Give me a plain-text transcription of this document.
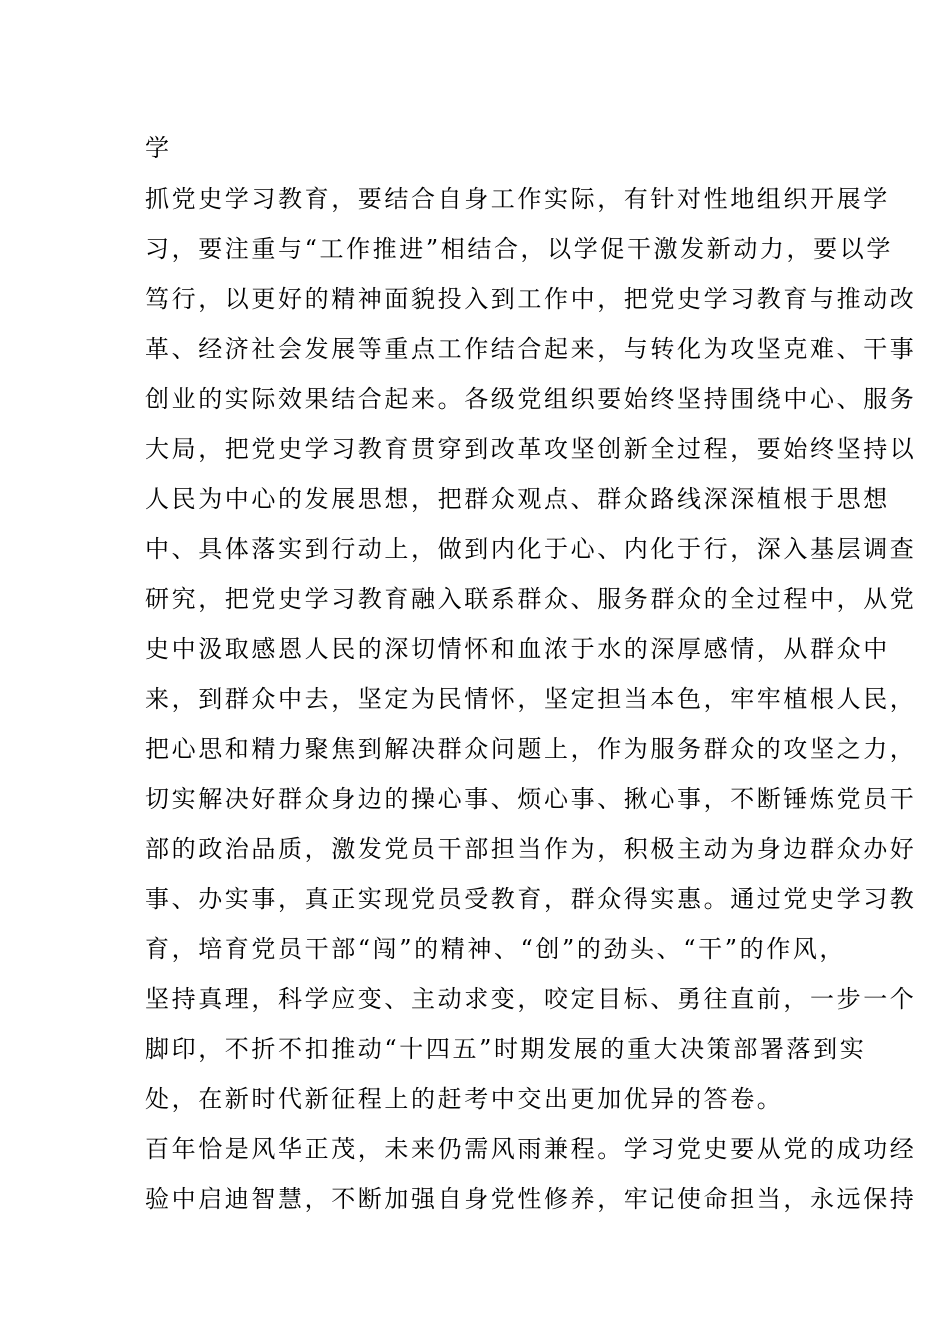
学
抓党史学习教育，要结合自身工作实际，有针对性地组织开展学
习，要注重与“工作推进”相结合，以学促干激发新动力，要以学
笃行，以更好的精神面貌投入到工作中，把党史学习教育与推动改
革、经济社会发展等重点工作结合起来，与转化为攻坚克难、干事
创业的实际效果结合起来。各级党组织要始终坚持围绕中心、服务
大局，把党史学习教育贯穿到改革攻坚创新全过程，要始终坚持以
人民为中心的发展思想，把群众观点、群众路线深深植根于思想
中、具体落实到行动上，做到内化于心、内化于行，深入基层调查
研究，把党史学习教育融入联系群众、服务群众的全过程中，从党
史中汲取感恩人民的深切情怀和血浓于水的深厚感情，从群众中
来，到群众中去，坚定为民情怀，坚定担当本色，牢牢植根人民，
把心思和精力聚焦到解决群众问题上，作为服务群众的攻坚之力，
切实解决好群众身边的操心事、烦心事、揪心事，不断锤炼党员干
部的政治品质，激发党员干部担当作为，积极主动为身边群众办好
事、办实事，真正实现党员受教育，群众得实惠。通过党史学习教
育，培育党员干部“闯”的精神、“创”的劲头、“干”的作风，
坚持真理，科学应变、主动求变，咬定目标、勇往直前，一步一个
脚印，不折不扣推动“十四五”时期发展的重大决策部署落到实
处，在新时代新征程上的赶考中交出更加优异的答卷。
百年恰是风华正茂，未来仍需风雨兼程。学习党史要从党的成功经
验中启迪智慧，不断加强自身党性修养，牢记使命担当，永远保持
